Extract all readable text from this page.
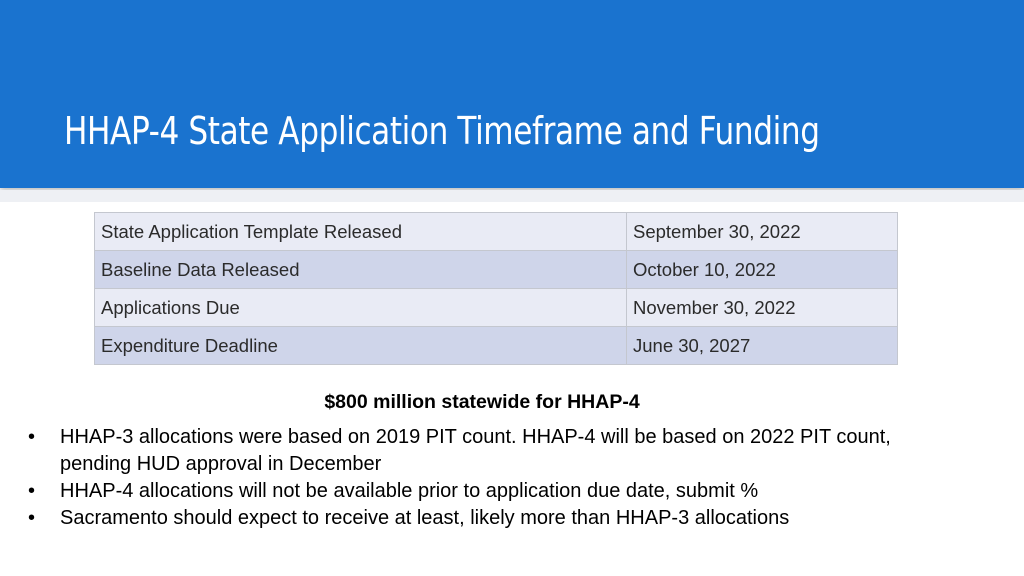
HHAP-4 State Application Timeframe and Funding
State Application Template Released	September 30, 2022
Baseline Data Released	October 10, 2022
Applications Due	November 30, 2022
Expenditure Deadline	June 30, 2027
$800 million statewide for HHAP-4
• HHAP-3 allocations were based on 2019 PIT count. HHAP-4 will be based on 2022 PIT count, pending HUD approval in December
• HHAP-4 allocations will not be available prior to application due date, submit %
• Sacramento should expect to receive at least, likely more than HHAP-3 allocations
